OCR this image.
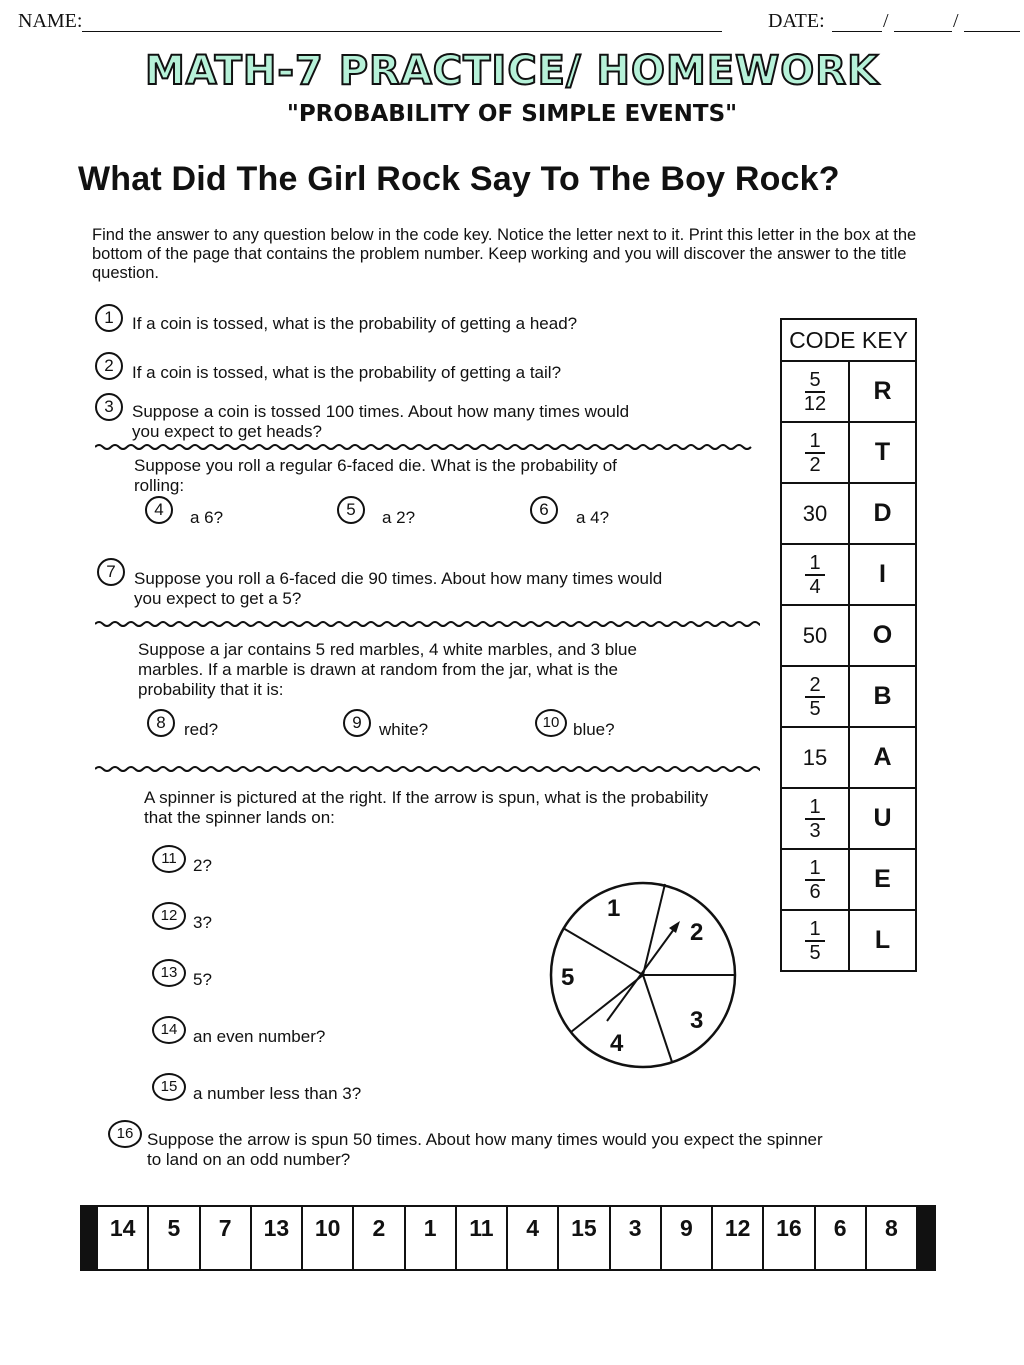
NAME:	DATE:	/	/
MATH-7 PRACTICE/ HOMEWORK
"PROBABILITY OF SIMPLE EVENTS"
What Did The Girl Rock Say To The Boy Rock?
Find the answer to any question below in the code key. Notice the letter next to it. Print this letter in the box at the bottom of the page that contains the problem number. Keep working and you will discover the answer to the title question.
1	If a coin is tossed, what is the probability of getting a head?
2	If a coin is tossed, what is the probability of getting a tail?
3	Suppose a coin is tossed 100 times. About how many times would you expect to get heads?
Suppose you roll a regular 6-faced die. What is the probability of rolling:
4	a 6?	5	a 2?	6	a 4?
7	Suppose you roll a 6-faced die 90 times. About how many times would you expect to get a 5?
Suppose a jar contains 5 red marbles, 4 white marbles, and 3 blue marbles. If a marble is drawn at random from the jar, what is the probability that it is:
8	red?	9	white?	10 blue?
A spinner is pictured at the right. If the arrow is spun, what is the probability that the spinner lands on:
11 2?
12 3?
13 5?
14 an even number?
15 a number less than 3?
16 Suppose the arrow is spun 50 times. About how many times would you expect the spinner to land on an odd number?
1
2
3
4
5
CODE KEY	

$\frac{5}{12}$	R

$\frac{1}{2}$	T
30	D

$\frac{1}{4}$	I
50	O

$\frac{2}{5}$	B
15	A

$\frac{1}{3}$	U

$\frac{1}{6}$	E

$\frac{1}{5}$	L
14	5	7	13	10	2	1	11	4	15	3	9	12	16	6	8
